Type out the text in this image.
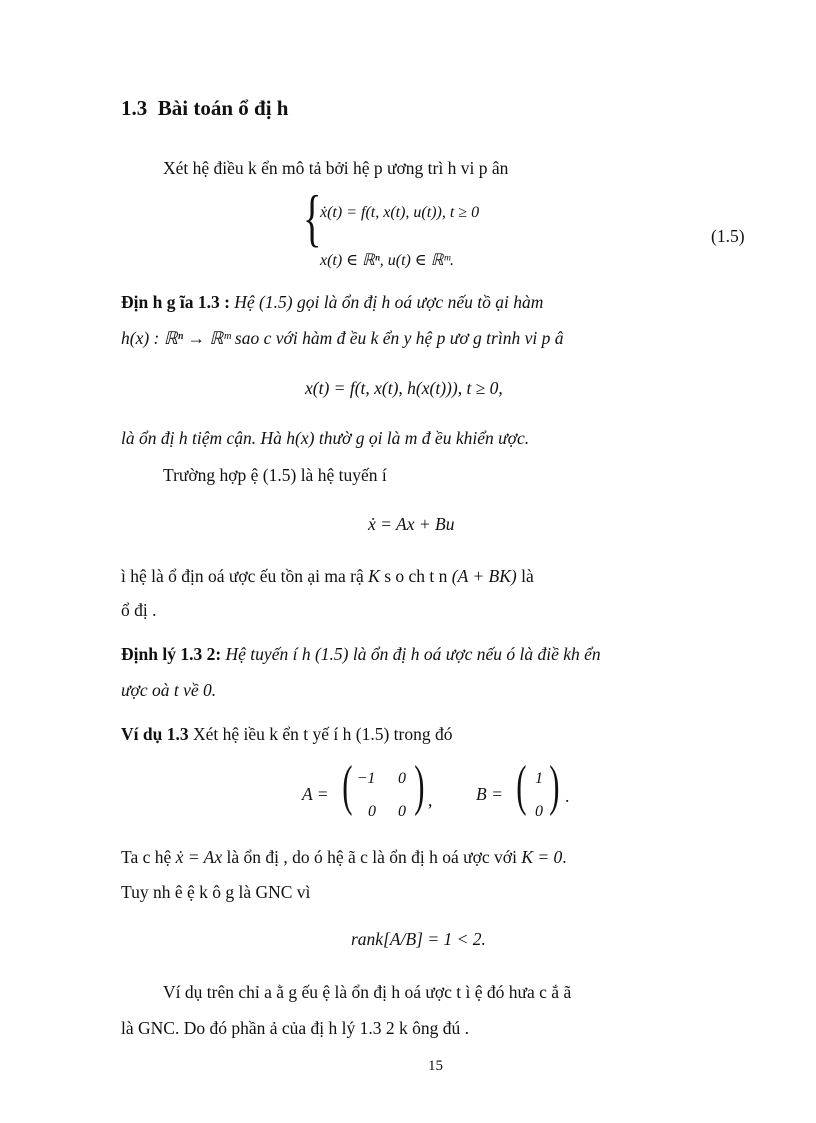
1.3 Bài toán ổ đị h
Xét hệ điều k ển mô tả bởi hệ p ương trì h vi p ân
{
ẋ(t) = f(t, x(t), u(t)), t ≥ 0
x(t) ∈ ℝⁿ, u(t) ∈ ℝᵐ.
(1.5)
Địn h g ĩa 1.3 : Hệ (1.5) gọi là ổn đị h oá ược nếu tồ ại hàm
h(x) : ℝⁿ → ℝᵐ sao c với hàm đ ều k ển y hệ p ươ g trình vi p â
x(t) = f(t, x(t), h(x(t))), t ≥ 0,
là ổn đị h tiệm cận. Hà h(x) thườ g ọi là m đ ều khiển ược.
Trường hợp ệ (1.5) là hệ tuyến í
ẋ = Ax + Bu
ì hệ là ổ địn oá ược ếu tồn ại ma rậ K s o ch t n (A + BK) là
ổ đị .
Định lý 1.3 2: Hệ tuyến í h (1.5) là ổn đị h oá ược nếu ó là điề kh ển
ược oà t về 0.
Ví dụ 1.3 Xét hệ iều k ển t yế í h (1.5) trong đó
A = ( −1	0
0	0 ) , B = ( 1
0 ) .
Ta c hệ ẋ = Ax là ổn đị , do ó hệ ã c là ổn đị h oá ược với K = 0.
Tuy nh ê ệ k ô g là GNC vì
rank[A/B] = 1 < 2.
Ví dụ trên chỉ a ằ g ếu ệ là ổn đị h oá ược t ì ệ đó hưa c ắ ã
là GNC. Do đó phần ả của đị h lý 1.3 2 k ông đú .
15
